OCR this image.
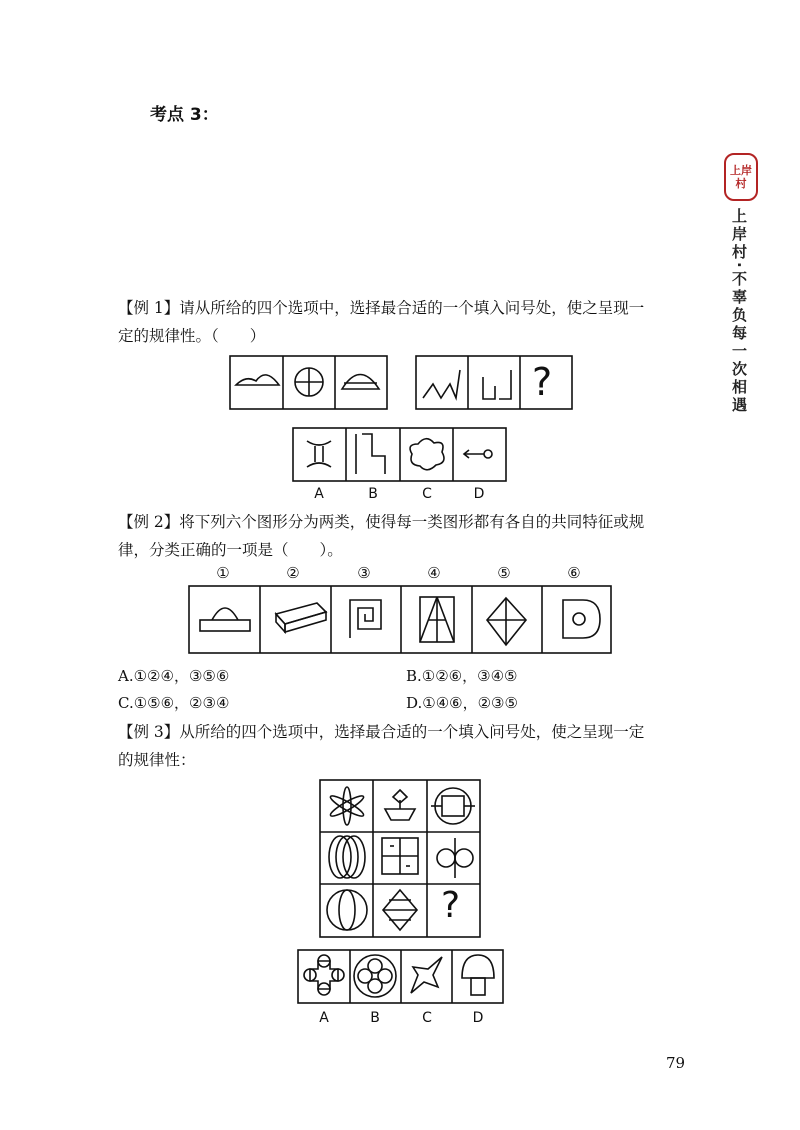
考点 3：
上岸村
上岸村·不辜负每一次相遇
【例 1】请从所给的四个选项中，选择最合适的一个填入问号处，使之呈现一
定的规律性。（　　）
?
A	B	C	D
【例 2】将下列六个图形分为两类，使得每一类图形都有各自的共同特征或规
律，分类正确的一项是（　　）。
①	②	③	④	⑤	⑥
A.①②④，③⑤⑥	B.①②⑥，③④⑤
C.①⑤⑥，②③④	D.①④⑥，②③⑤
【例 3】从所给的四个选项中，选择最合适的一个填入问号处，使之呈现一定
的规律性：
?
A	B	C	D
79
